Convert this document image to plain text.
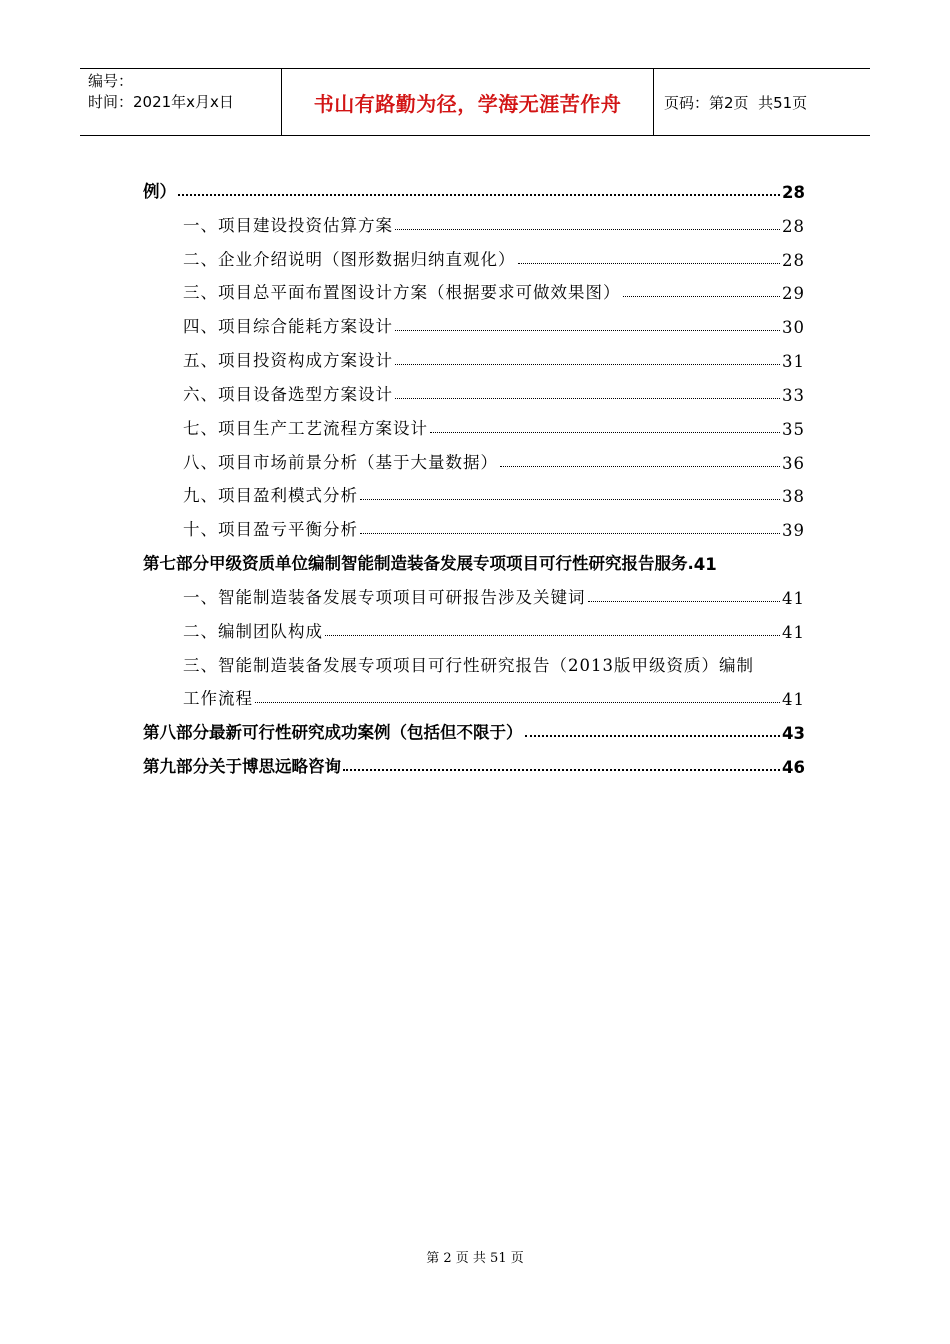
编号：
时间：2021年x月x日	书山有路勤为径，学海无涯苦作舟	页码：第2页  共51页
例）	28
一、项目建设投资估算方案	28
二、企业介绍说明（图形数据归纳直观化）	28
三、项目总平面布置图设计方案（根据要求可做效果图）	29
四、项目综合能耗方案设计	30
五、项目投资构成方案设计	31
六、项目设备选型方案设计	33
七、项目生产工艺流程方案设计	35
八、项目市场前景分析（基于大量数据）	36
九、项目盈利模式分析	38
十、项目盈亏平衡分析	39
第七部分甲级资质单位编制智能制造装备发展专项项目可行性研究报告服务. 41
一、智能制造装备发展专项项目可研报告涉及关键词	41
二、编制团队构成	41
三、智能制造装备发展专项项目可行性研究报告（2013版甲级资质）编制
工作流程	41
第八部分最新可行性研究成功案例（包括但不限于）	43
第九部分关于博思远略咨询	46
第 2 页 共 51 页
